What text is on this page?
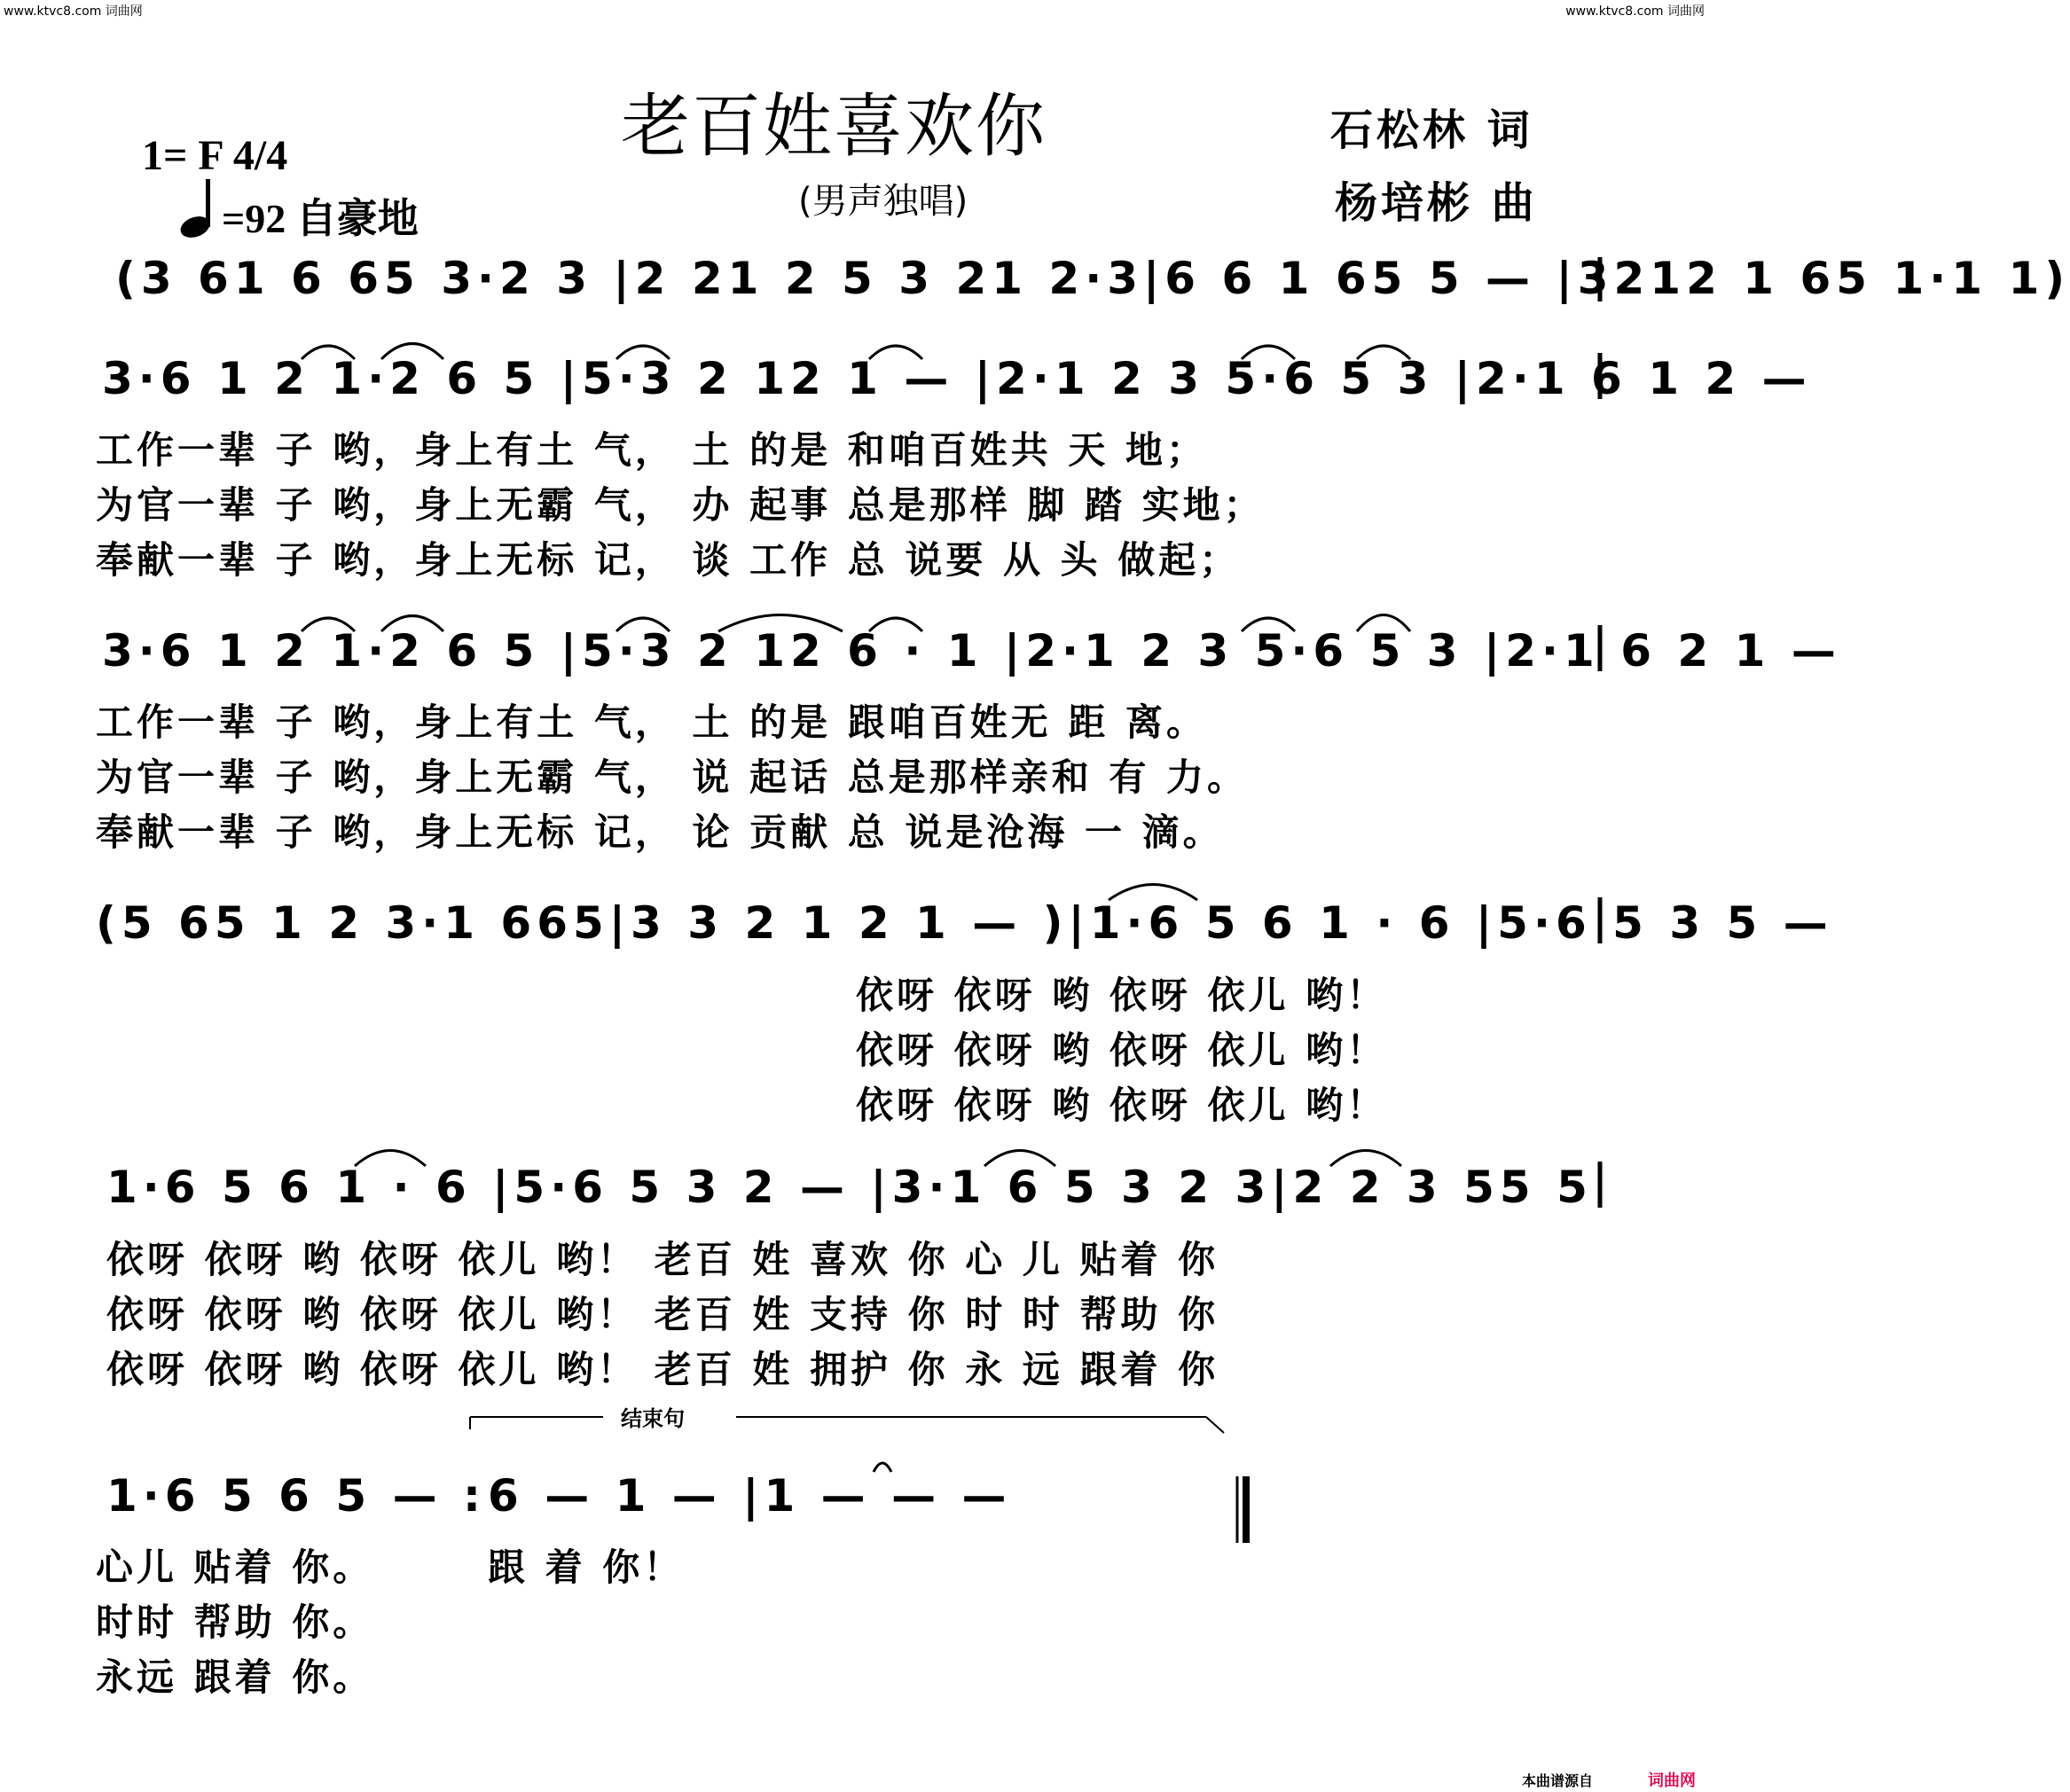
www.ktvc8.com 词曲网	www.ktvc8.com 词曲网
老百姓喜欢你
(男声独唱)
1= F 4/4
=92 自豪地
石松林 词
杨培彬 曲
(3 61 6 65 3·2 3 |2 21 2 5 3 21 2·3|6 6 1 65 5 — |3212 1 65 1·1 1)
3·6 1 2 1·2 6 5 |5·3 2 12 1 — |2·1 2 3 5·6 5 3 |2·1 6 1 2 —
工作一辈 子 哟，身上有土 气， 土 的是 和咱百姓共 天 地；
为官一辈 子 哟，身上无霸 气， 办 起事 总是那样 脚 踏 实地；
奉献一辈 子 哟，身上无标 记， 谈 工作 总 说要 从 头 做起；
3·6 1 2 1·2 6 5 |5·3 2 12 6 · 1 |2·1 2 3 5·6 5 3 |2·1 6 2 1 —
工作一辈 子 哟，身上有土 气， 土 的是 跟咱百姓无 距 离。
为官一辈 子 哟，身上无霸 气， 说 起话 总是那样亲和 有 力。
奉献一辈 子 哟，身上无标 记， 论 贡献 总 说是沧海 一 滴。
(5 65 1 2 3·1 665|3 3 2 1 2 1 — )|1·6 5 6 1 · 6 |5·6 5 3 5 —
依呀 依呀 哟 依呀 依儿 哟！
依呀 依呀 哟 依呀 依儿 哟！
依呀 依呀 哟 依呀 依儿 哟！
1·6 5 6 1 · 6 |5·6 5 3 2 — |3·1 6 5 3 2 3|2 2 3 55 5
依呀 依呀 哟 依呀 依儿 哟！ 老百 姓 喜欢 你 心 儿 贴着 你
依呀 依呀 哟 依呀 依儿 哟！ 老百 姓 支持 你 时 时 帮助 你
依呀 依呀 哟 依呀 依儿 哟！ 老百 姓 拥护 你 永 远 跟着 你
结束句
1·6 5 6 5 — : 6 — 1 — |1 — — —
心儿 贴着 你。
时时 帮助 你。
永远 跟着 你。
跟 着 你！
本曲谱源自	词曲网
